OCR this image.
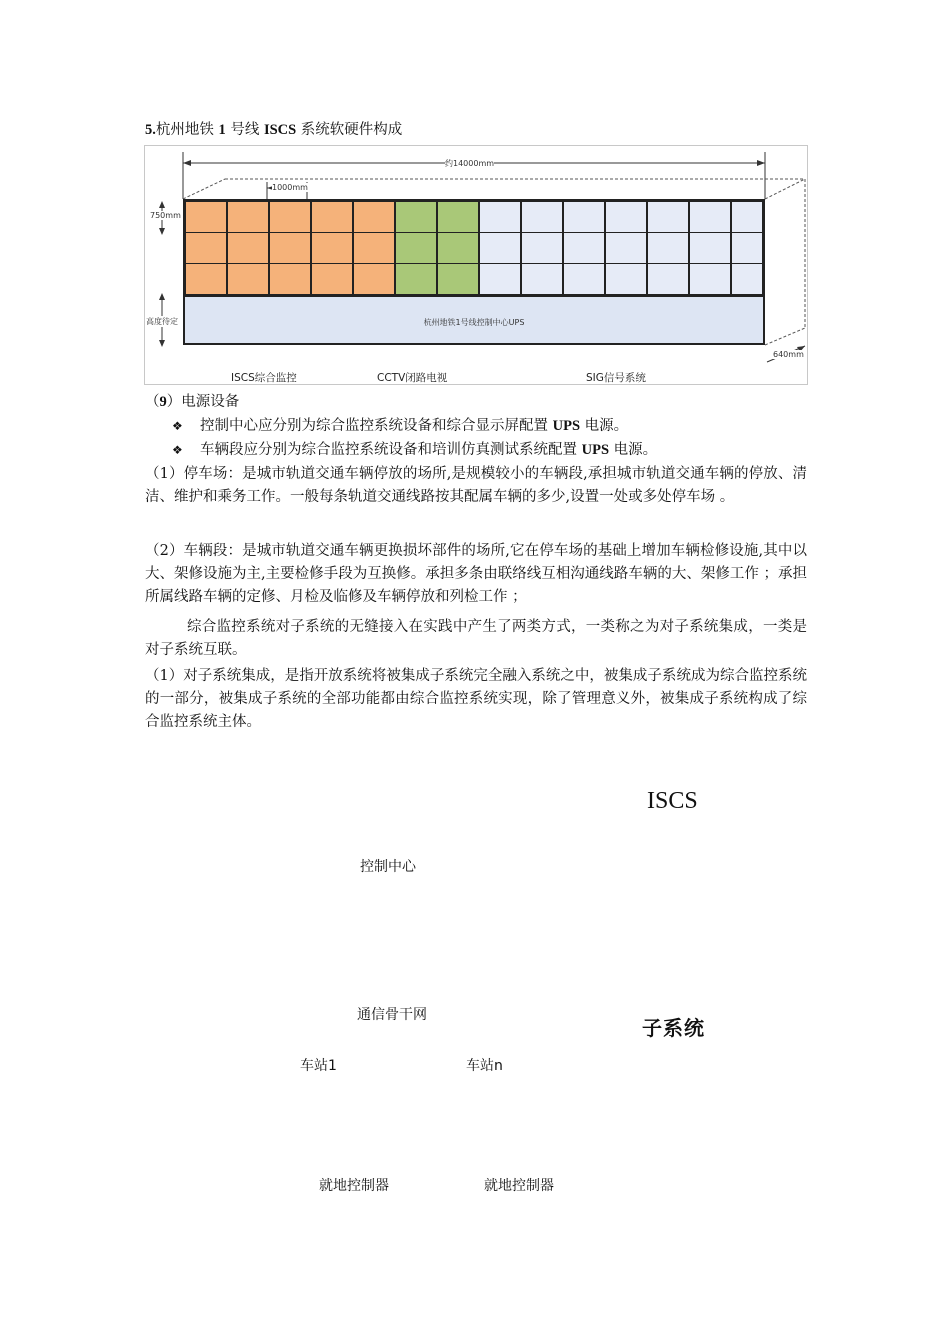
5.杭州地铁 1 号线 ISCS 系统软硬件构成
约14000mm
1000mm
750mm
高度待定
640mm
杭州地铁1号线控制中心UPS
ISCS综合监控	CCTV闭路电视	SIG信号系统
（9）电源设备
❖ 控制中心应分别为综合监控系统设备和综合显示屏配置 UPS 电源。
❖ 车辆段应分别为综合监控系统设备和培训仿真测试系统配置 UPS 电源。
（1）停车场：是城市轨道交通车辆停放的场所,是规模较小的车辆段,承担城市轨道交通车辆的停放、清洁、维护和乘务工作。一般每条轨道交通线路按其配属车辆的多少,设置一处或多处停车场 。
（2）车辆段：是城市轨道交通车辆更换损坏部件的场所,它在停车场的基础上增加车辆检修设施,其中以大、架修设施为主,主要检修手段为互换修。承担多条由联络线互相沟通线路车辆的大、架修工作 ；承担所属线路车辆的定修、月检及临修及车辆停放和列检工作 ；
综合监控系统对子系统的无缝接入在实践中产生了两类方式，一类称之为对子系统集成，一类是对子系统互联。
（1）对子系统集成，是指开放系统将被集成子系统完全融入系统之中，被集成子系统成为综合监控系统的一部分，被集成子系统的全部功能都由综合监控系统实现，除了管理意义外，被集成子系统构成了综合监控系统主体。
ISCS
控制中心
通信骨干网
子系统
车站1	车站n
就地控制器	就地控制器
